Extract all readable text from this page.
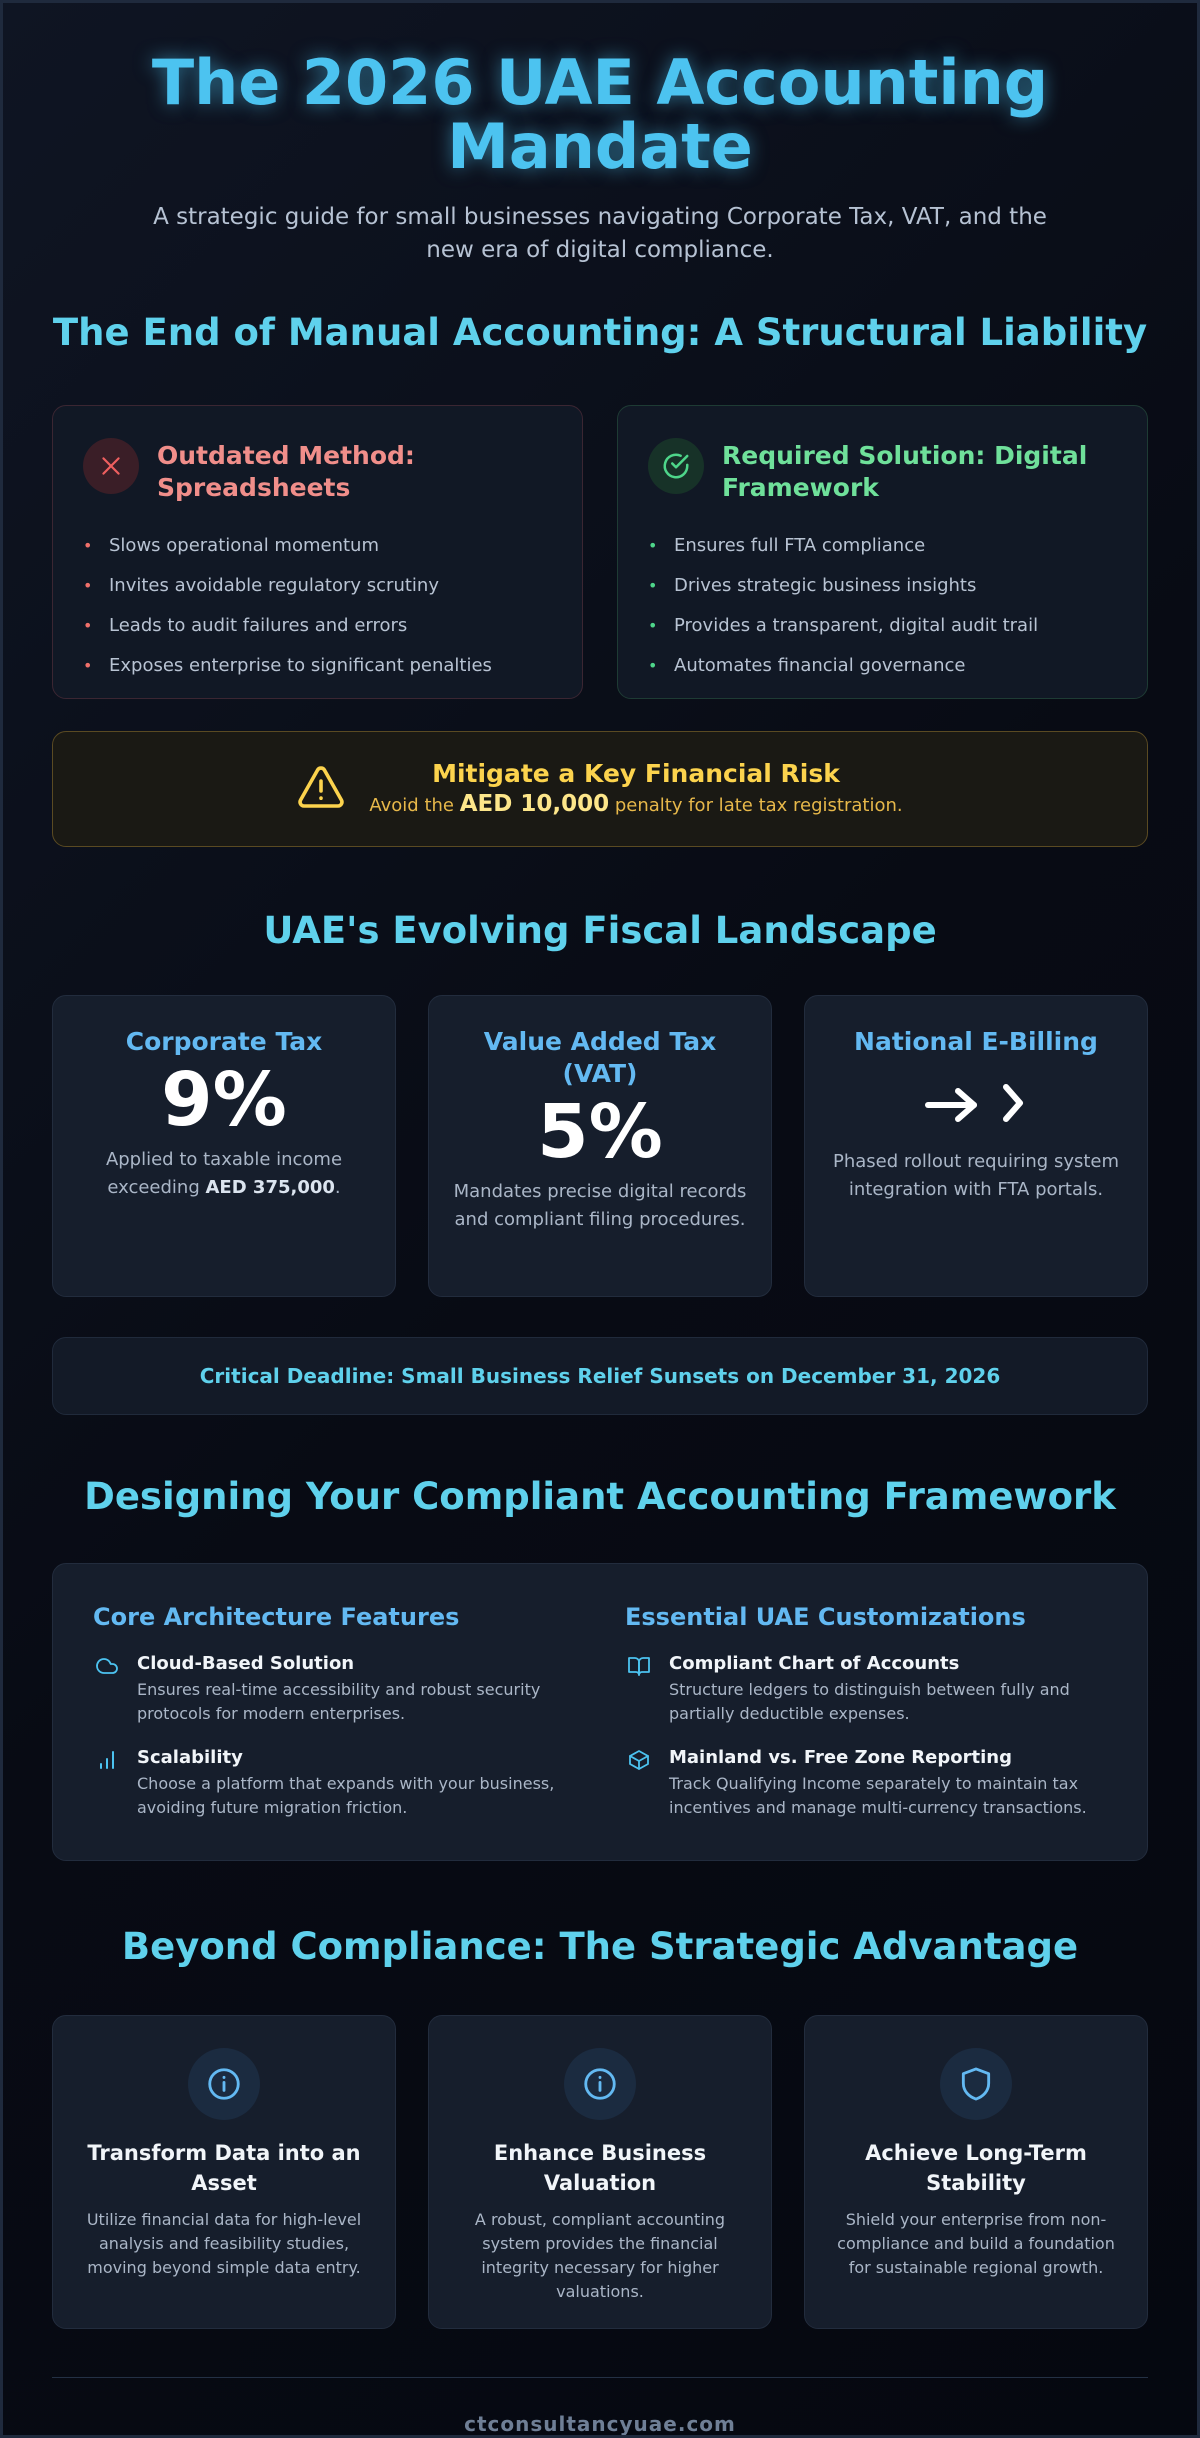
The 2026 UAE Accounting Mandate

A strategic guide for small businesses navigating Corporate Tax, VAT, and the new era of digital compliance.

The End of Manual Accounting: A Structural Liability
Outdated Method: Spreadsheets
• Slows operational momentum
• Invites avoidable regulatory scrutiny
• Leads to audit failures and errors
• Exposes enterprise to significant penalties
Required Solution: Digital Framework
• Ensures full FTA compliance
• Drives strategic business insights
• Provides a transparent, digital audit trail
• Automates financial governance
Mitigate a Key Financial Risk
Avoid the AED 10,000 penalty for late tax registration.
UAE's Evolving Fiscal Landscape
Corporate Tax
9%
Applied to taxable income exceeding AED 375,000.
Value Added Tax (VAT)
5%
Mandates precise digital records and compliant filing procedures.
National E-Billing
Phased rollout requiring system integration with FTA portals.
Critical Deadline: Small Business Relief Sunsets on December 31, 2026
Designing Your Compliant Accounting Framework
Core Architecture Features
Cloud-Based Solution
Ensures real-time accessibility and robust security protocols for modern enterprises.
Scalability
Choose a platform that expands with your business, avoiding future migration friction.
Essential UAE Customizations
Compliant Chart of Accounts
Structure ledgers to distinguish between fully and partially deductible expenses.
Mainland vs. Free Zone Reporting
Track Qualifying Income separately to maintain tax incentives and manage multi-currency transactions.
Beyond Compliance: The Strategic Advantage
Transform Data into an Asset
Utilize financial data for high-level analysis and feasibility studies, moving beyond simple data entry.
Enhance Business Valuation
A robust, compliant accounting system provides the financial integrity necessary for higher valuations.
Achieve Long-Term Stability
Shield your enterprise from non-compliance and build a foundation for sustainable regional growth.
ctconsultancyuae.com
